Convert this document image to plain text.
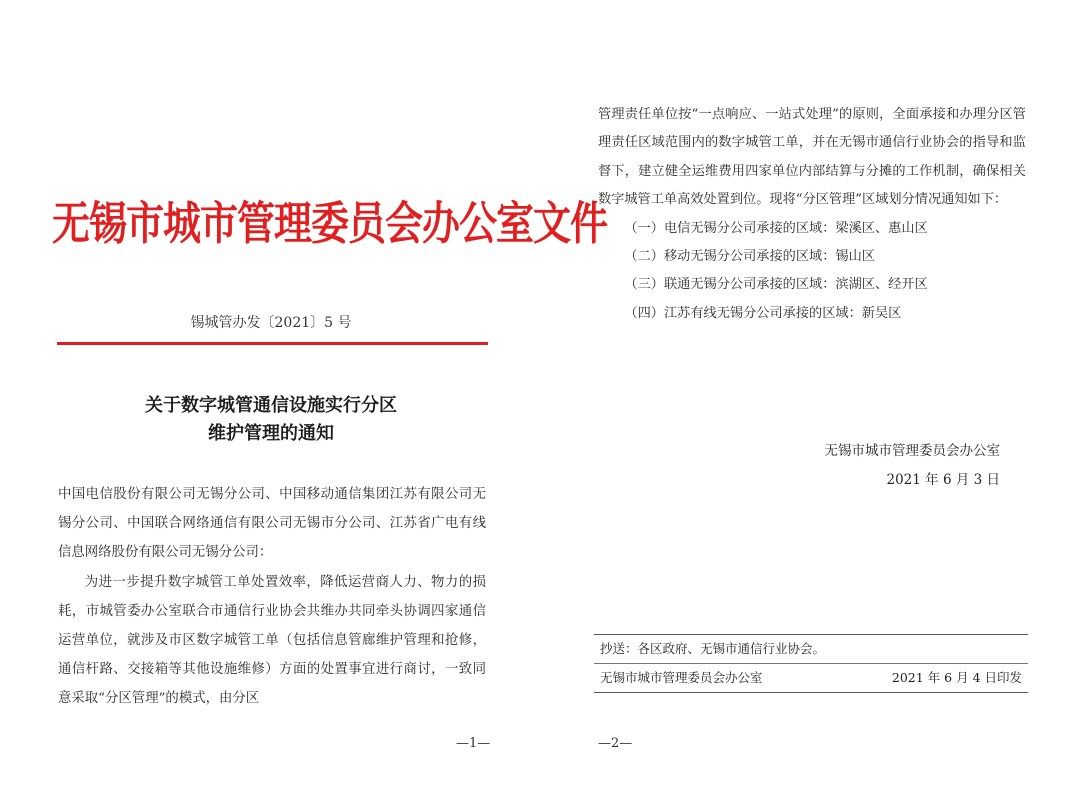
无锡市城市管理委员会办公室文件
锡城管办发〔2021〕5 号
关于数字城管通信设施实行分区
维护管理的通知

中国电信股份有限公司无锡分公司、中国移动通信集团江苏有限公司无锡分公司、中国联合网络通信有限公司无锡市分公司、江苏省广电有线信息网络股份有限公司无锡分公司：

为进一步提升数字城管工单处置效率，降低运营商人力、物力的损耗，市城管委办公室联合市通信行业协会共维办共同牵头协调四家通信运营单位，就涉及市区数字城管工单（包括信息管廊维护管理和抢修，通信杆路、交接箱等其他设施维修）方面的处置事宜进行商讨，一致同意采取“分区管理”的模式，由分区

—1—

管理责任单位按“一点响应、一站式处理”的原则，全面承接和办理分区管理责任区域范围内的数字城管工单，并在无锡市通信行业协会的指导和监督下，建立健全运维费用四家单位内部结算与分摊的工作机制，确保相关数字城管工单高效处置到位。现将“分区管理”区域划分情况通知如下：

（一）电信无锡分公司承接的区域：梁溪区、惠山区

（二）移动无锡分公司承接的区域：锡山区

（三）联通无锡分公司承接的区域：滨湖区、经开区

（四）江苏有线无锡分公司承接的区域：新吴区

无锡市城市管理委员会办公室
2021 年 6 月 3 日
抄送：各区政府、无锡市通信行业协会。
无锡市城市管理委员会办公室	2021 年 6 月 4 日印发
—2—
